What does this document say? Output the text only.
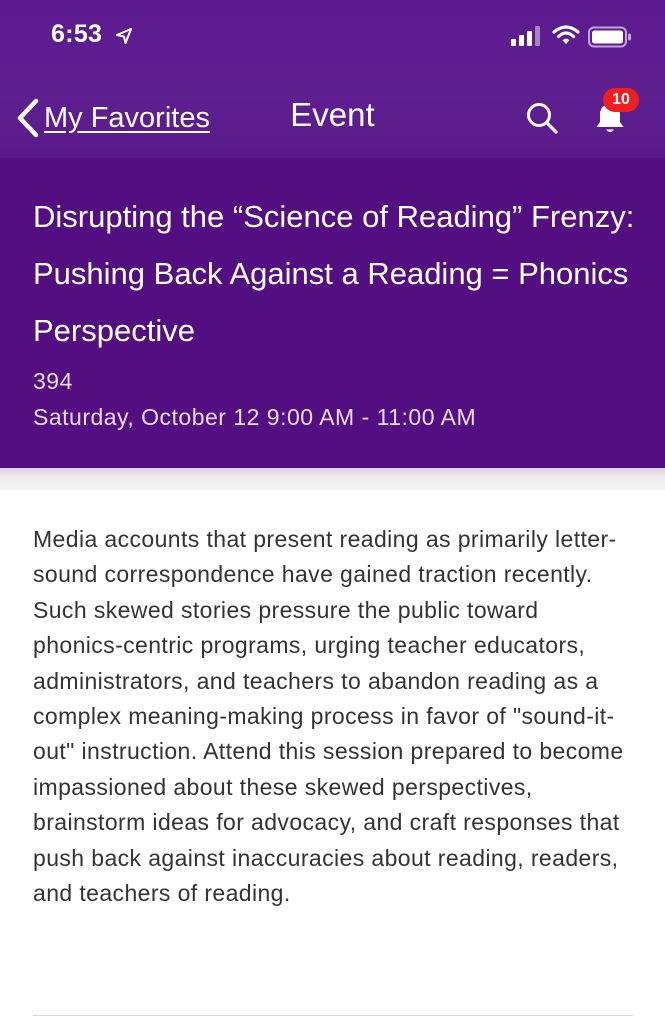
6:53
My Favorites	Event	10
Disrupting the “Science of Reading” Frenzy: Pushing Back Against a Reading = Phonics Perspective
394
Saturday, October 12 9:00 AM - 11:00 AM

Media accounts that present reading as primarily letter-sound correspondence have gained traction recently. Such skewed stories pressure the public toward phonics-centric programs, urging teacher educators, administrators, and teachers to abandon reading as a complex meaning-making process in favor of "sound-it-out" instruction. Attend this session prepared to become impassioned about these skewed perspectives, brainstorm ideas for advocacy, and craft responses that push back against inaccuracies about reading, readers, and teachers of reading.
